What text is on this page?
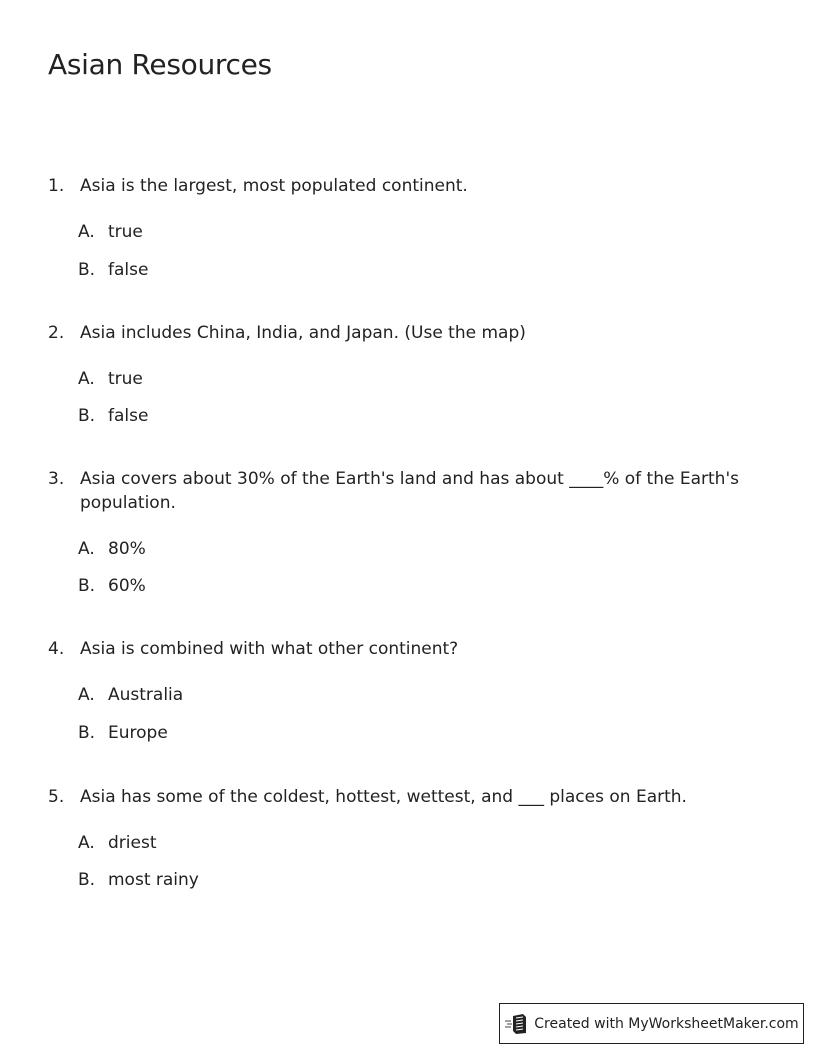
Asian Resources
1. Asia is the largest, most populated continent.
A. true
B. false
2. Asia includes China, India, and Japan. (Use the map)
A. true
B. false
3. Asia covers about 30% of the Earth's land and has about ____% of the Earth's population.
A. 80%
B. 60%
4. Asia is combined with what other continent?
A. Australia
B. Europe
5. Asia has some of the coldest, hottest, wettest, and ___ places on Earth.
A. driest
B. most rainy
Created with MyWorksheetMaker.com
